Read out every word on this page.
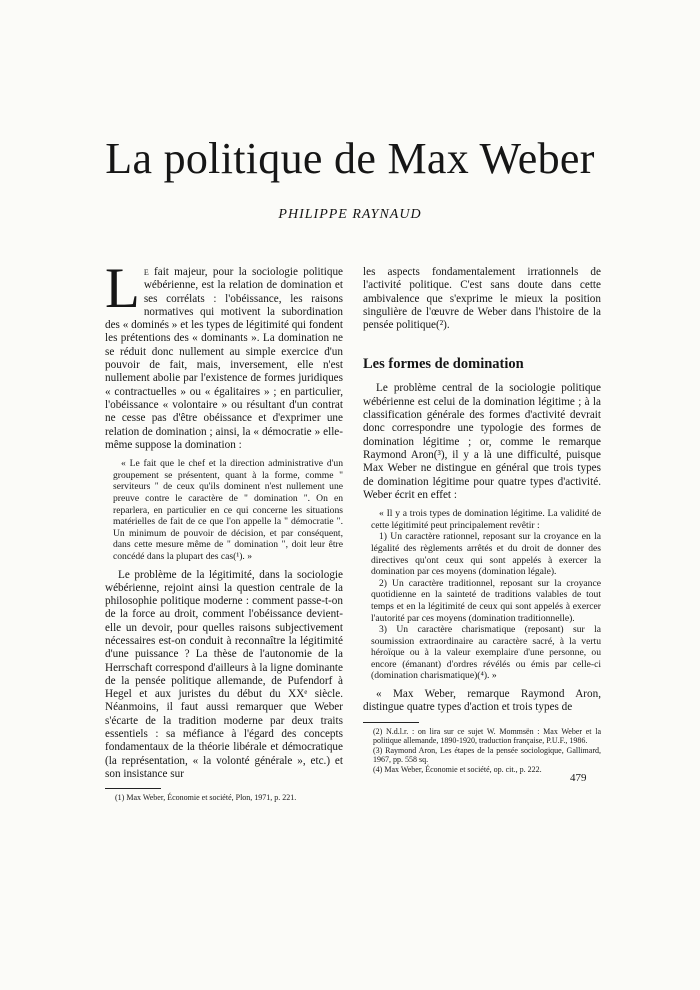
La politique de Max Weber

PHILIPPE RAYNAUD

Le fait majeur, pour la sociologie politique wébérienne, est la relation de domination et ses corrélats : l'obéissance, les raisons normatives qui motivent la subordination des « dominés » et les types de légitimité qui fondent les prétentions des « dominants ». La domination ne se réduit donc nullement au simple exercice d'un pouvoir de fait, mais, inversement, elle n'est nullement abolie par l'existence de formes juridiques « contractuelles » ou « égalitaires » ; en particulier, l'obéissance « volontaire » ou résultant d'un contrat ne cesse pas d'être obéissance et d'exprimer une relation de domination ; ainsi, la « démocratie » elle-même suppose la domination :

« Le fait que le chef et la direction administrative d'un groupement se présentent, quant à la forme, comme " serviteurs " de ceux qu'ils dominent n'est nullement une preuve contre le caractère de " domination ". On en reparlera, en particulier en ce qui concerne les situations matérielles de fait de ce que l'on appelle la " démocratie ". Un minimum de pouvoir de décision, et par conséquent, dans cette mesure même de " domination ", doit leur être concédé dans la plupart des cas(¹). »

Le problème de la légitimité, dans la sociologie wébérienne, rejoint ainsi la question centrale de la philosophie politique moderne : comment passe-t-on de la force au droit, comment l'obéissance devient-elle un devoir, pour quelles raisons subjectivement nécessaires est-on conduit à reconnaître la légitimité d'une puissance ? La thèse de l'autonomie de la Herrschaft correspond d'ailleurs à la ligne dominante de la pensée politique allemande, de Pufendorf à Hegel et aux juristes du début du XXᵉ siècle. Néanmoins, il faut aussi remarquer que Weber s'écarte de la tradition moderne par deux traits essentiels : sa méfiance à l'égard des concepts fondamentaux de la théorie libérale et démocratique (la représentation, « la volonté générale », etc.) et son insistance sur

(1) Max Weber, Économie et société, Plon, 1971, p. 221.

les aspects fondamentalement irrationnels de l'activité politique. C'est sans doute dans cette ambivalence que s'exprime le mieux la position singulière de l'œuvre de Weber dans l'histoire de la pensée politique(²).

Les formes de domination

Le problème central de la sociologie politique wébérienne est celui de la domination légitime ; à la classification générale des formes d'activité devrait donc correspondre une typologie des formes de domination légitime ; or, comme le remarque Raymond Aron(³), il y a là une difficulté, puisque Max Weber ne distingue en général que trois types de domination légitime pour quatre types d'activité. Weber écrit en effet :

« Il y a trois types de domination légitime. La validité de cette légitimité peut principalement revêtir :

1) Un caractère rationnel, reposant sur la croyance en la légalité des règlements arrêtés et du droit de donner des directives qu'ont ceux qui sont appelés à exercer la domination par ces moyens (domination légale).

2) Un caractère traditionnel, reposant sur la croyance quotidienne en la sainteté de traditions valables de tout temps et en la légitimité de ceux qui sont appelés à exercer l'autorité par ces moyens (domination traditionnelle).

3) Un caractère charismatique (reposant) sur la soumission extraordinaire au caractère sacré, à la vertu héroïque ou à la valeur exemplaire d'une personne, ou encore (émanant) d'ordres révélés ou émis par celle-ci (domination charismatique)(⁴). »

« Max Weber, remarque Raymond Aron, distingue quatre types d'action et trois types de

(2) N.d.l.r. : on lira sur ce sujet W. Mommsën : Max Weber et la politique allemande, 1890-1920, traduction française, P.U.F., 1986.

(3) Raymond Aron, Les étapes de la pensée sociologique, Gallimard, 1967, pp. 558 sq.

(4) Max Weber, Économie et société, op. cit., p. 222.

479
